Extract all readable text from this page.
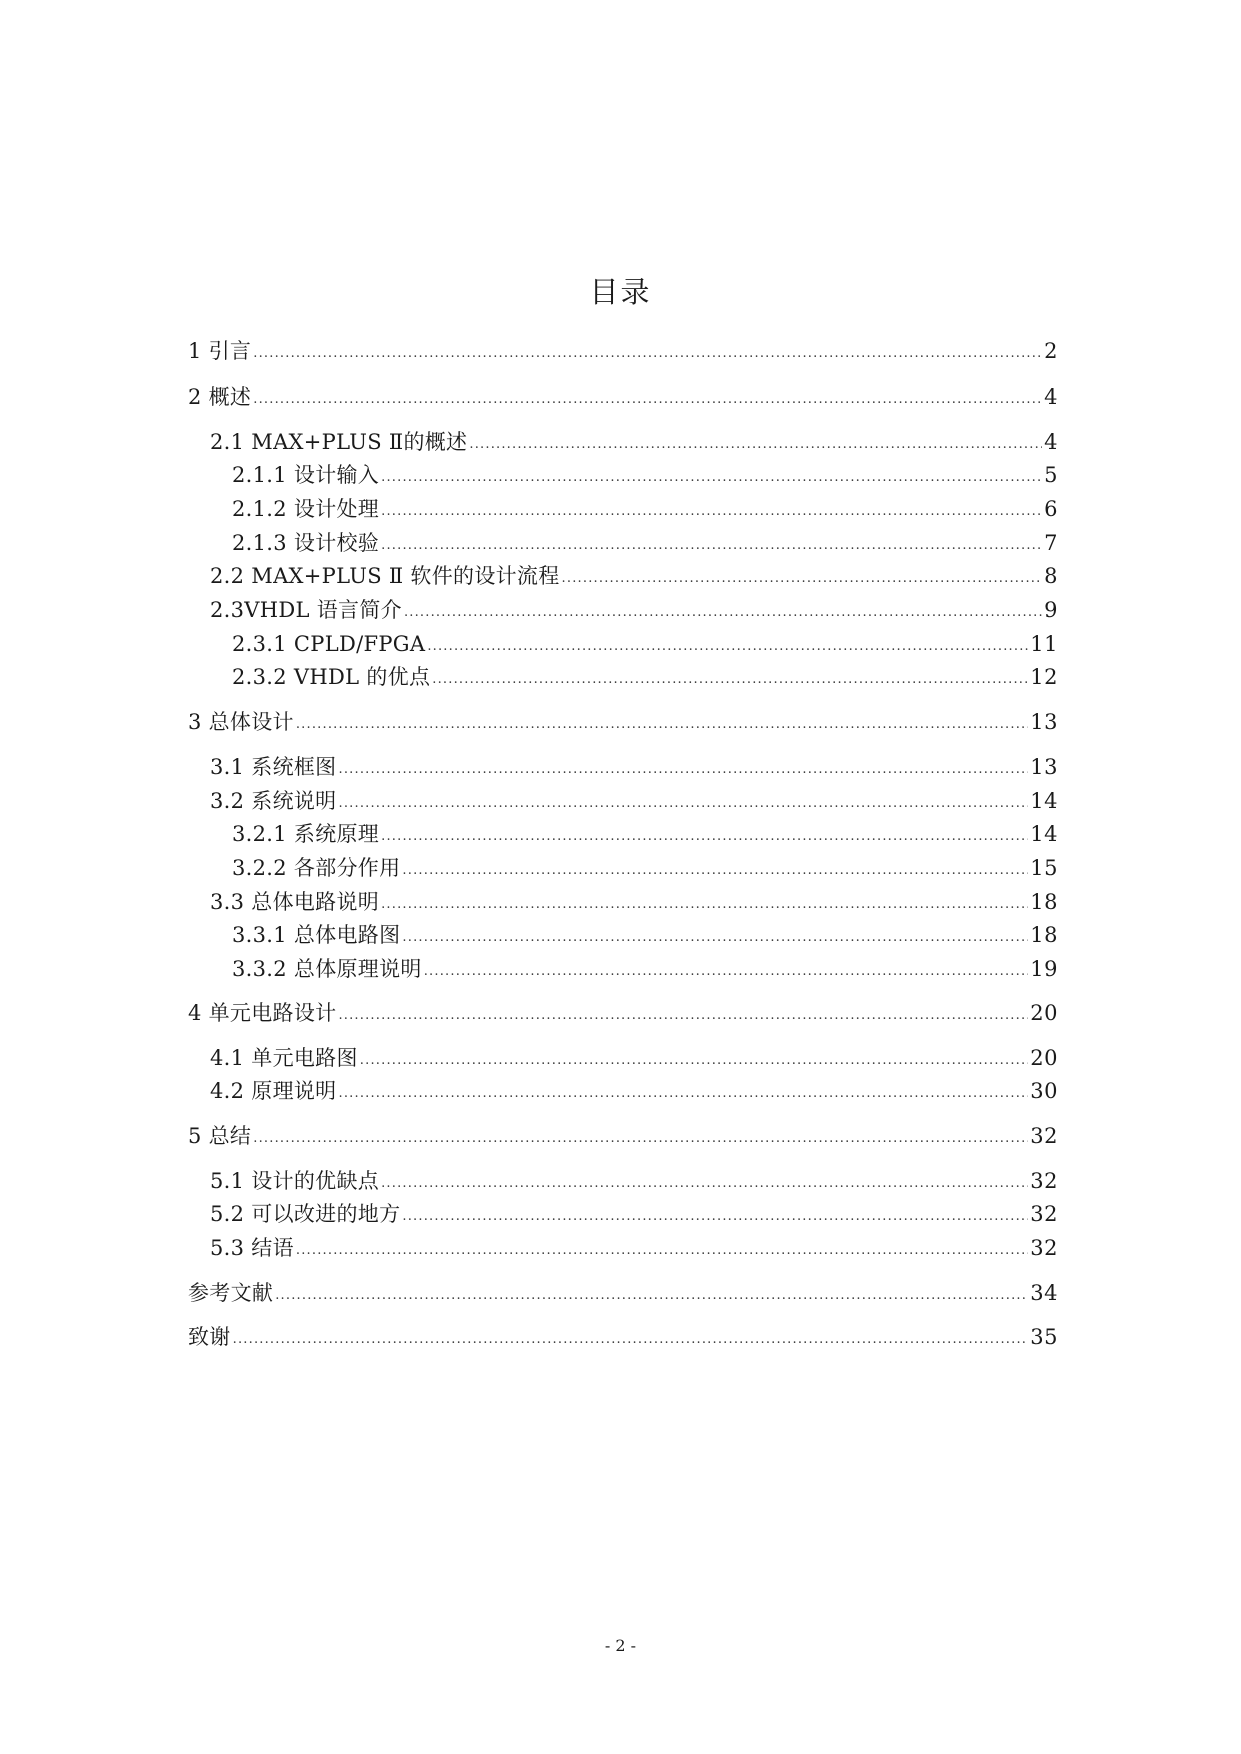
目录
1 引言 .....	2
2 概述 .....	4
2.1 MAX+PLUS Ⅱ的概述 .....	4
2.1.1 设计输入 .....	5
2.1.2 设计处理 .....	6
2.1.3 设计校验 .....	7
2.2 MAX+PLUS Ⅱ 软件的设计流程 .....	8
2.3VHDL 语言简介 .....	9
2.3.1 CPLD/FPGA .....	11
2.3.2 VHDL 的优点 .....	12
3 总体设计 .....	13
3.1 系统框图 .....	13
3.2 系统说明 .....	14
3.2.1 系统原理 .....	14
3.2.2 各部分作用 .....	15
3.3 总体电路说明 .....	18
3.3.1 总体电路图 .....	18
3.3.2 总体原理说明 .....	19
4 单元电路设计 .....	20
4.1 单元电路图 .....	20
4.2 原理说明 .....	30
5 总结 .....	32
5.1 设计的优缺点 .....	32
5.2 可以改进的地方 .....	32
5.3 结语 .....	32
参考文献 .....	34
致谢 .....	35
- 2 -
